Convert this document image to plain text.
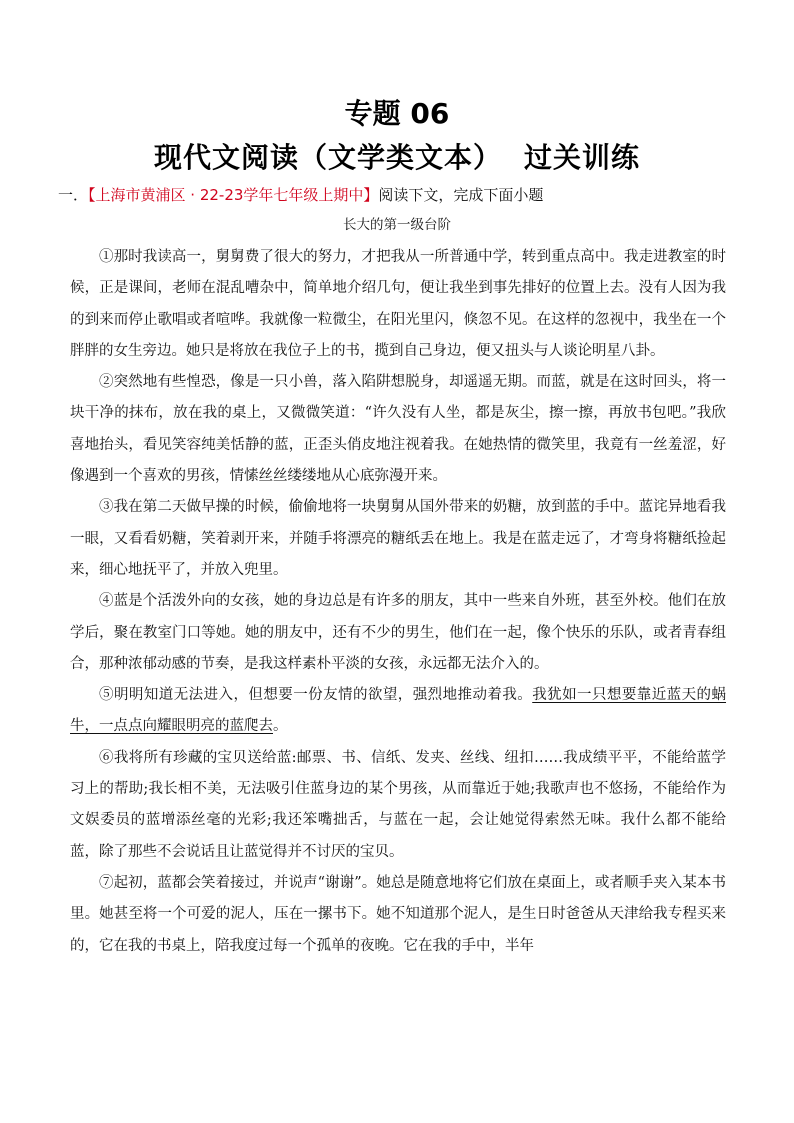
专题 06
现代文阅读（文学类文本） 过关训练
一．【上海市黄浦区 · 22-23学年七年级上期中】阅读下文，完成下面小题
长大的第一级台阶

①那时我读高一，舅舅费了很大的努力，才把我从一所普通中学，转到重点高中。我走进教室的时候，正是课间，老师在混乱嘈杂中，简单地介绍几句，便让我坐到事先排好的位置上去。没有人因为我的到来而停止歌唱或者喧哗。我就像一粒微尘，在阳光里闪，倏忽不见。在这样的忽视中，我坐在一个胖胖的女生旁边。她只是将放在我位子上的书，揽到自己身边，便又扭头与人谈论明星八卦。

②突然地有些惶恐，像是一只小兽，落入陷阱想脱身，却遥遥无期。而蓝，就是在这时回头，将一块干净的抹布，放在我的桌上，又微微笑道：“许久没有人坐，都是灰尘，擦一擦，再放书包吧。”我欣喜地抬头，看见笑容纯美恬静的蓝，正歪头俏皮地注视着我。在她热情的微笑里，我竟有一丝羞涩，好像遇到一个喜欢的男孩，情愫丝丝缕缕地从心底弥漫开来。

③我在第二天做早操的时候，偷偷地将一块舅舅从国外带来的奶糖，放到蓝的手中。蓝诧异地看我一眼，又看看奶糖，笑着剥开来，并随手将漂亮的糖纸丢在地上。我是在蓝走远了，才弯身将糖纸捡起来，细心地抚平了，并放入兜里。

④蓝是个活泼外向的女孩，她的身边总是有许多的朋友，其中一些来自外班，甚至外校。他们在放学后，聚在教室门口等她。她的朋友中，还有不少的男生，他们在一起，像个快乐的乐队，或者青春组合，那种浓郁动感的节奏，是我这样素朴平淡的女孩，永远都无法介入的。

⑤明明知道无法进入，但想要一份友情的欲望，强烈地推动着我。我犹如一只想要靠近蓝天的蜗牛，一点点向耀眼明亮的蓝爬去。

⑥我将所有珍藏的宝贝送给蓝:邮票、书、信纸、发夹、丝线、纽扣……我成绩平平，不能给蓝学习上的帮助;我长相不美，无法吸引住蓝身边的某个男孩，从而靠近于她;我歌声也不悠扬，不能给作为文娱委员的蓝增添丝毫的光彩;我还笨嘴拙舌，与蓝在一起，会让她觉得索然无味。我什么都不能给蓝，除了那些不会说话且让蓝觉得并不讨厌的宝贝。

⑦起初，蓝都会笑着接过，并说声“谢谢”。她总是随意地将它们放在桌面上，或者顺手夹入某本书里。她甚至将一个可爱的泥人，压在一摞书下。她不知道那个泥人，是生日时爸爸从天津给我专程买来的，它在我的书桌上，陪我度过每一个孤单的夜晚。它在我的手中，半年
